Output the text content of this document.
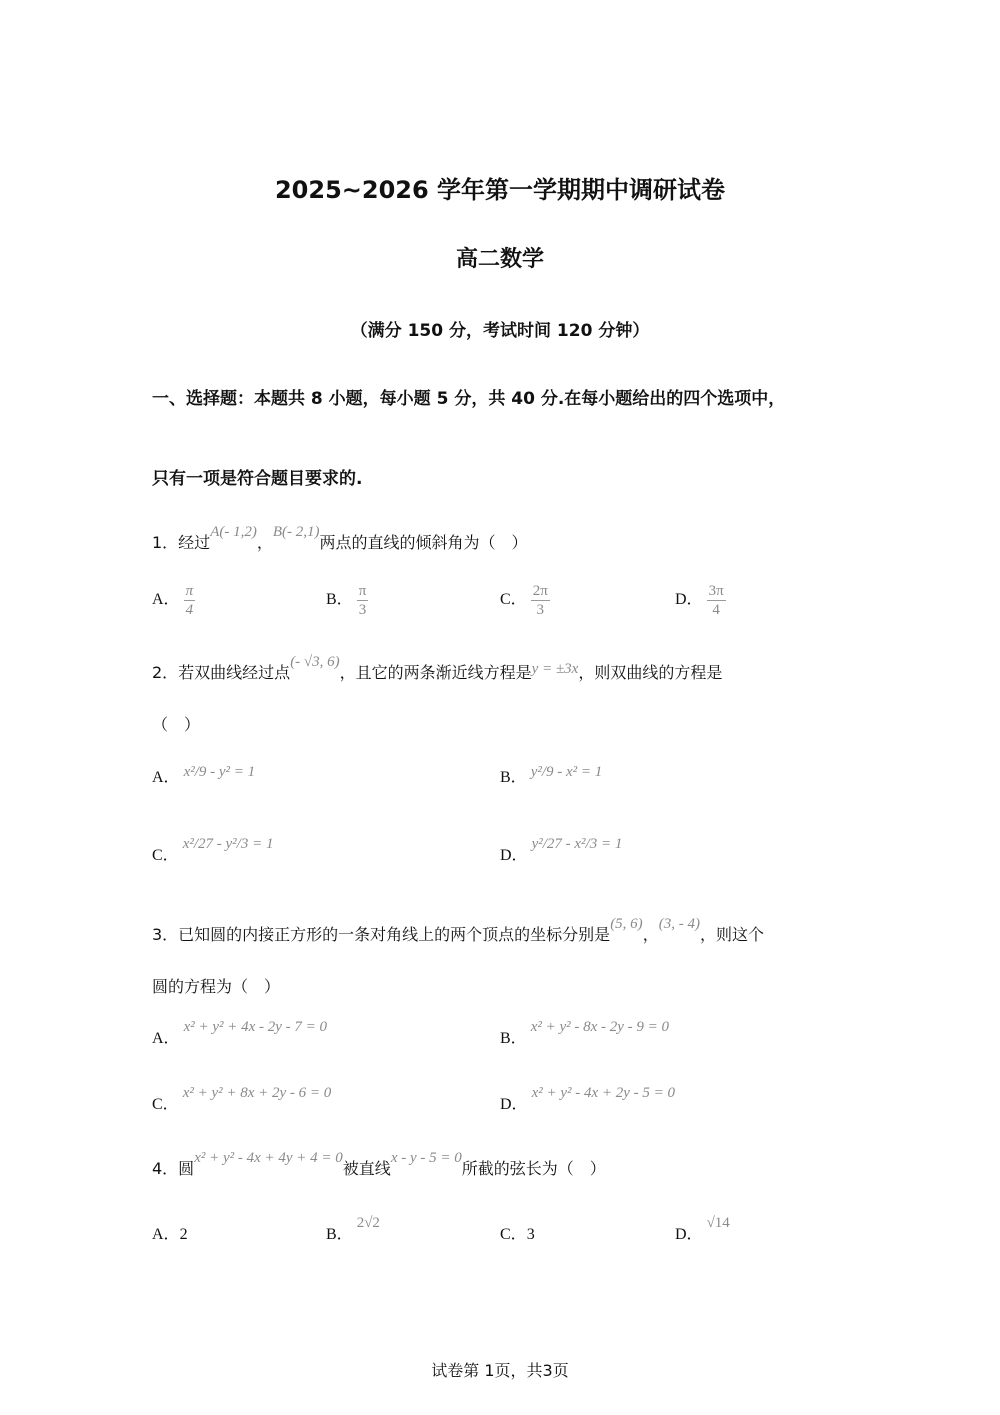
2025~2026 学年第一学期期中调研试卷
高二数学
（满分 150 分，考试时间 120 分钟）
一、选择题：本题共 8 小题，每小题 5 分，共 40 分.在每小题给出的四个选项中，
只有一项是符合题目要求的.
1．经过A(- 1,2)，B(- 2,1)两点的直线的倾斜角为（　）
A． $\frac{\pi}{4}$	B． $\frac{\pi}{3}$	C． $\frac{2\pi}{3}$	D． $\frac{3\pi}{4}$
2．若双曲线经过点(- √3, 6)，且它的两条渐近线方程是y = ±3x，则双曲线的方程是
（　）
A． x²/9 - y² = 1	B． y²/9 - x² = 1
C． x²/27 - y²/3 = 1
D． y²/27 - x²/3 = 1
3．已知圆的内接正方形的一条对角线上的两个顶点的坐标分别是(5, 6)，(3, - 4)，则这个
圆的方程为（　）
A． x² + y² + 4x - 2y - 7 = 0
B． x² + y² - 8x - 2y - 9 = 0
C． x² + y² + 8x + 2y - 6 = 0
D． x² + y² - 4x + 2y - 5 = 0
4．圆x² + y² - 4x + 4y + 4 = 0被直线x - y - 5 = 0所截的弦长为（　）
A．2	B． 2√2
C．3	D． √14
试卷第 1页，共3页
